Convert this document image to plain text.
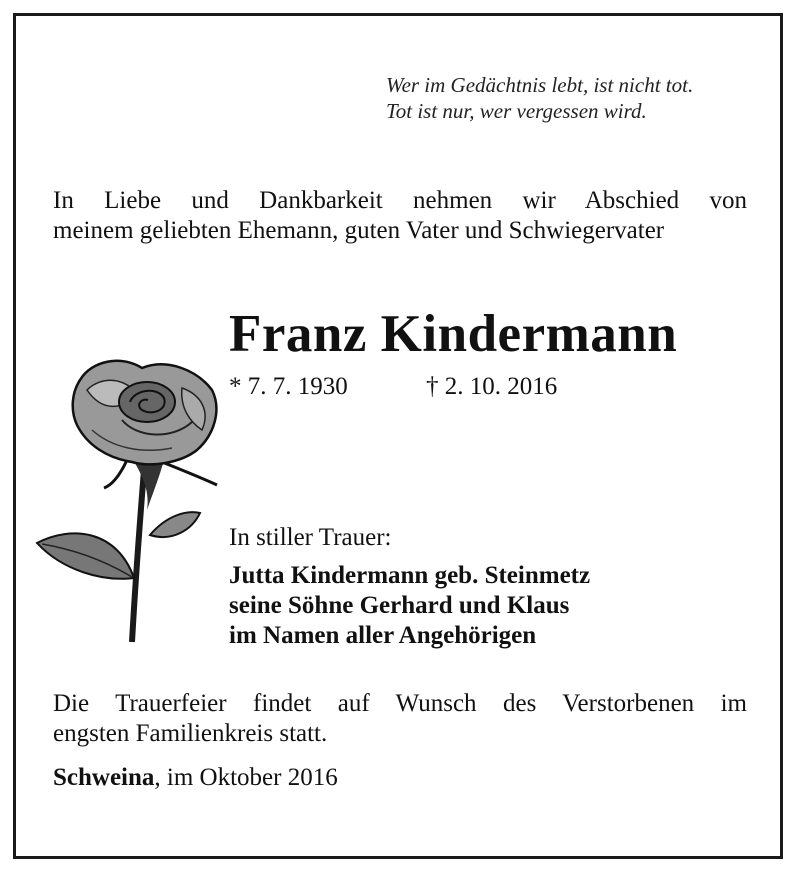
Wer im Gedächtnis lebt, ist nicht tot.
Tot ist nur, wer vergessen wird.
In Liebe und Dankbarkeit nehmen wir Abschied von
meinem geliebten Ehemann, guten Vater und Schwiegervater
Franz Kindermann
* 7. 7. 1930	† 2. 10. 2016
In stiller Trauer:
Jutta Kindermann geb. Steinmetz
seine Söhne Gerhard und Klaus
im Namen aller Angehörigen
Die Trauerfeier findet auf Wunsch des Verstorbenen im
engsten Familienkreis statt.
Schweina, im Oktober 2016
